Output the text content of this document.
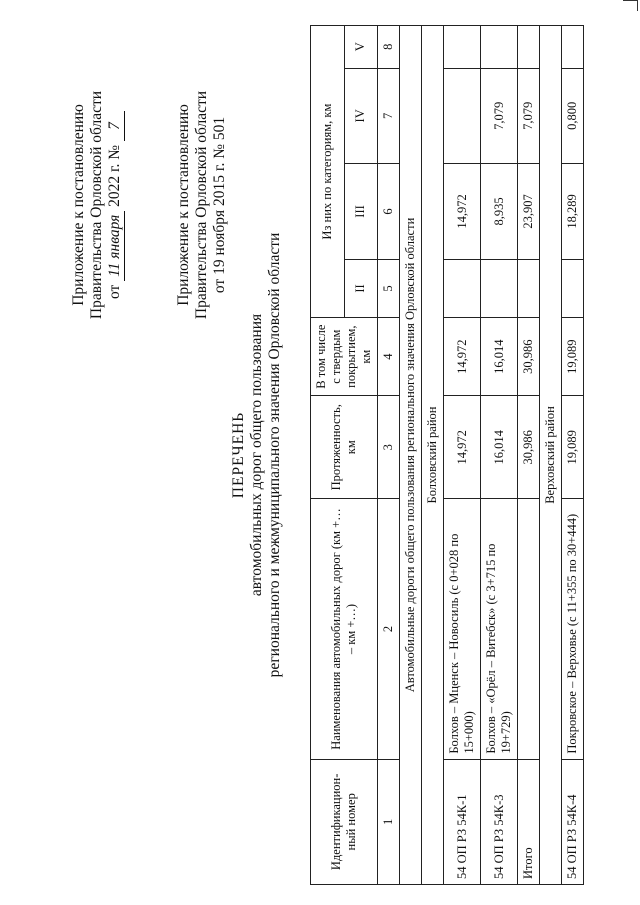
Приложение к постановлению Правительства Орловской области от 11 января 2022 г. № 7	Приложение к постановлению Правительства Орловской области от 19 ноября 2015 г. № 501
ПЕРЕЧЕНЬ автомобильных дорог общего пользования регионального и межмуниципального значения Орловской области
Идентификацион-ный номер	Наименования автомобильных дорог (км +… – км +…)	Протяженность, км	В том числе с твердым покрытием, км	Из них по категориям, км			
				II	III	IV	V
1	2	3	4	5	6	7	8
Автомобильные дороги общего пользования регионального значения Орловской области							
Болховский район							
54 ОП РЗ 54К-1	Болхов – Мценск – Новосиль (с 0+028 по 15+000)	14,972	14,972		14,972		
54 ОП РЗ 54К-3	Болхов – «Орёл – Витебск» (с 3+715 по 19+729)	16,014	16,014		8,935	7,079	
Итого		30,986	30,986		23,907	7,079	
Верховский район							
54 ОП РЗ 54К-4	Покровское – Верховье (с 11+355 по 30+444)	19,089	19,089		18,289	0,800	
